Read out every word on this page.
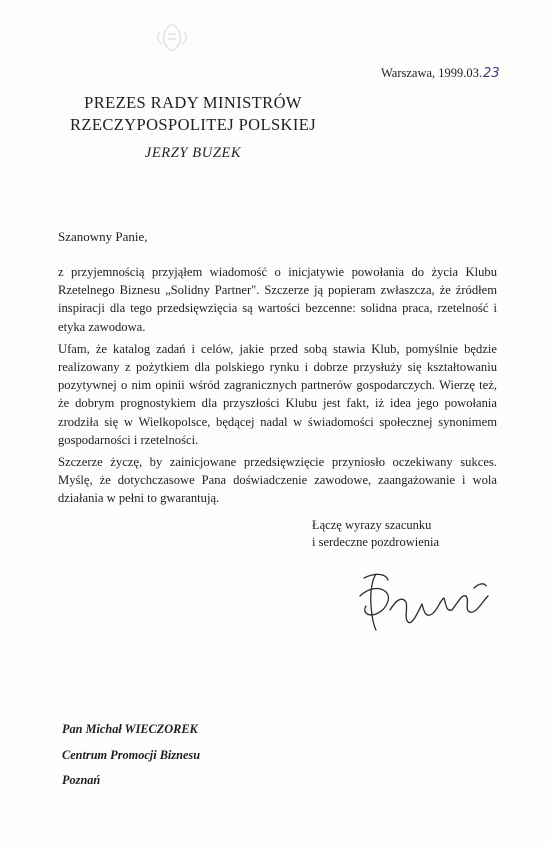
Warszawa, 1999.03.23
PREZES RADY MINISTRÓW
RZECZYPOSPOLITEJ POLSKIEJ
JERZY BUZEK
Szanowny Panie,

z przyjemnością przyjąłem wiadomość o inicjatywie powołania do życia Klubu Rzetelnego Biznesu „Solidny Partner". Szczerze ją popieram zwłaszcza, że źródłem inspiracji dla tego przedsięwzięcia są wartości bezcenne: solidna praca, rzetelność i etyka zawodowa.

Ufam, że katalog zadań i celów, jakie przed sobą stawia Klub, pomyślnie będzie realizowany z pożytkiem dla polskiego rynku i dobrze przysłuży się kształtowaniu pozytywnej o nim opinii wśród zagranicznych partnerów gospodarczych. Wierzę też, że dobrym prognostykiem dla przyszłości Klubu jest fakt, iż idea jego powołania zrodziła się w Wielkopolsce, będącej nadal w świadomości społecznej synonimem gospodarności i rzetelności.

Szczerze życzę, by zainicjowane przedsięwzięcie przyniosło oczekiwany sukces. Myślę, że dotychczasowe Pana doświadczenie zawodowe, zaangażowanie i wola działania w pełni to gwarantują.

Łączę wyrazy szacunku
i serdeczne pozdrowienia
Pan Michał WIECZOREK
Centrum Promocji Biznesu
Poznań
